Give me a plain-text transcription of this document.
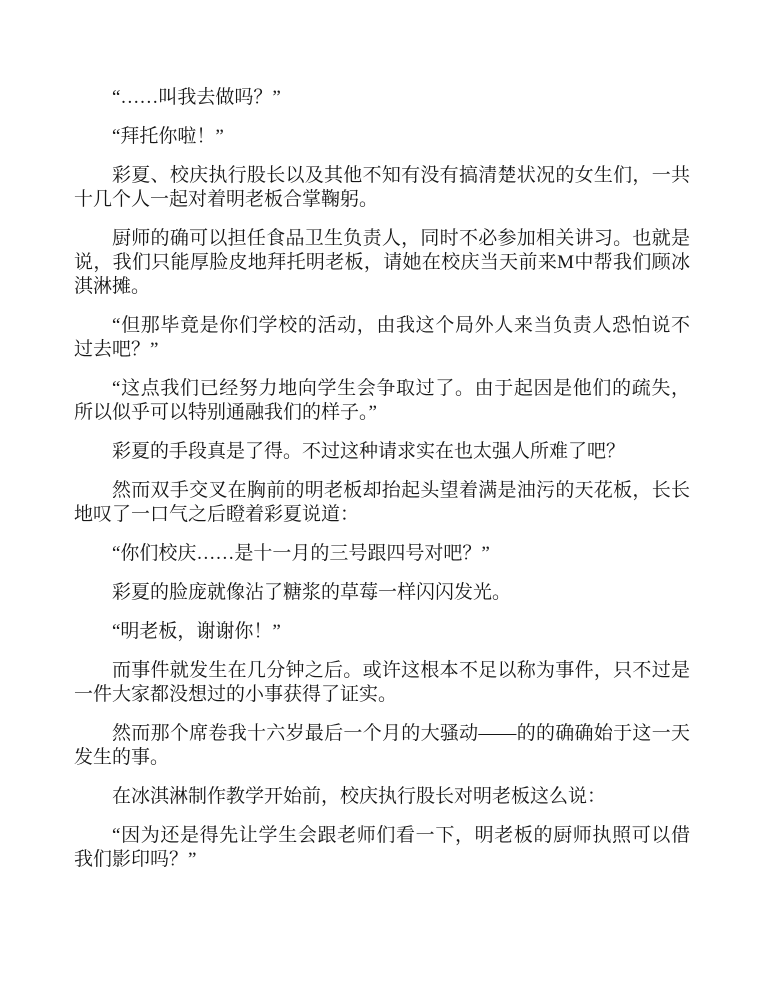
“……叫我去做吗？”

“拜托你啦！”

彩夏、校庆执行股长以及其他不知有没有搞清楚状况的女生们，一共十几个人一起对着明老板合掌鞠躬。

厨师的确可以担任食品卫生负责人，同时不必参加相关讲习。也就是说，我们只能厚脸皮地拜托明老板，请她在校庆当天前来M中帮我们顾冰淇淋摊。

“但那毕竟是你们学校的活动，由我这个局外人来当负责人恐怕说不过去吧？”

“这点我们已经努力地向学生会争取过了。由于起因是他们的疏失，所以似乎可以特别通融我们的样子。”

彩夏的手段真是了得。不过这种请求实在也太强人所难了吧？

然而双手交叉在胸前的明老板却抬起头望着满是油污的天花板，长长地叹了一口气之后瞪着彩夏说道：

“你们校庆……是十一月的三号跟四号对吧？”

彩夏的脸庞就像沾了糖浆的草莓一样闪闪发光。

“明老板，谢谢你！”

而事件就发生在几分钟之后。或许这根本不足以称为事件，只不过是一件大家都没想过的小事获得了证实。

然而那个席卷我十六岁最后一个月的大骚动——的的确确始于这一天发生的事。

在冰淇淋制作教学开始前，校庆执行股长对明老板这么说：

“因为还是得先让学生会跟老师们看一下，明老板的厨师执照可以借我们影印吗？”
